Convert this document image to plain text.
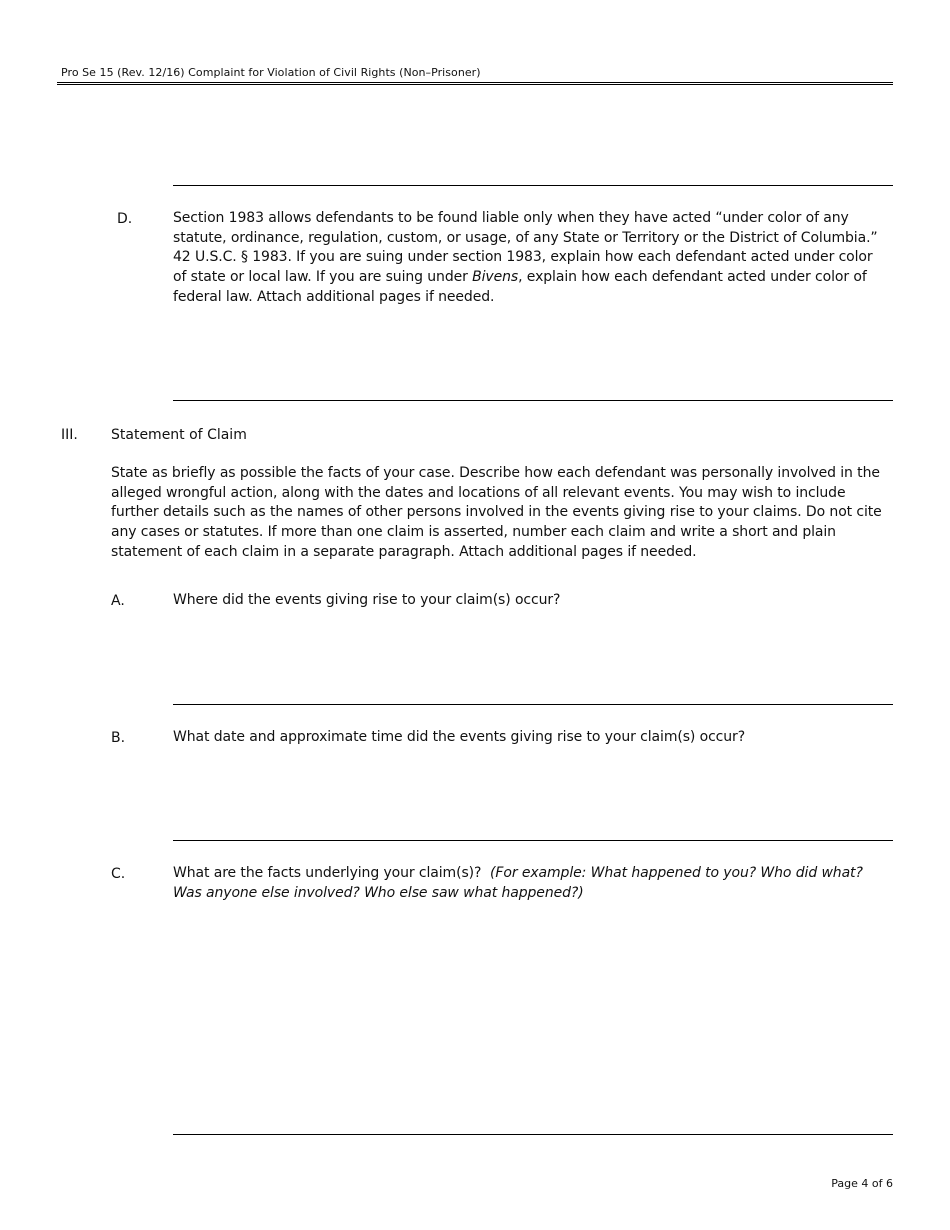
Pro Se 15 (Rev. 12/16) Complaint for Violation of Civil Rights (Non–Prisoner)
D.	Section 1983 allows defendants to be found liable only when they have acted “under color of any statute, ordinance, regulation, custom, or usage, of any State or Territory or the District of Columbia.” 42 U.S.C. § 1983. If you are suing under section 1983, explain how each defendant acted under color of state or local law. If you are suing under Bivens, explain how each defendant acted under color of federal law. Attach additional pages if needed.
III. Statement of Claim
State as briefly as possible the facts of your case. Describe how each defendant was personally involved in the alleged wrongful action, along with the dates and locations of all relevant events. You may wish to include further details such as the names of other persons involved in the events giving rise to your claims. Do not cite any cases or statutes. If more than one claim is asserted, number each claim and write a short and plain statement of each claim in a separate paragraph. Attach additional pages if needed.
A.	Where did the events giving rise to your claim(s) occur?
B.	What date and approximate time did the events giving rise to your claim(s) occur?
C.	What are the facts underlying your claim(s)? (For example: What happened to you? Who did what? Was anyone else involved? Who else saw what happened?)
Page 4 of 6
